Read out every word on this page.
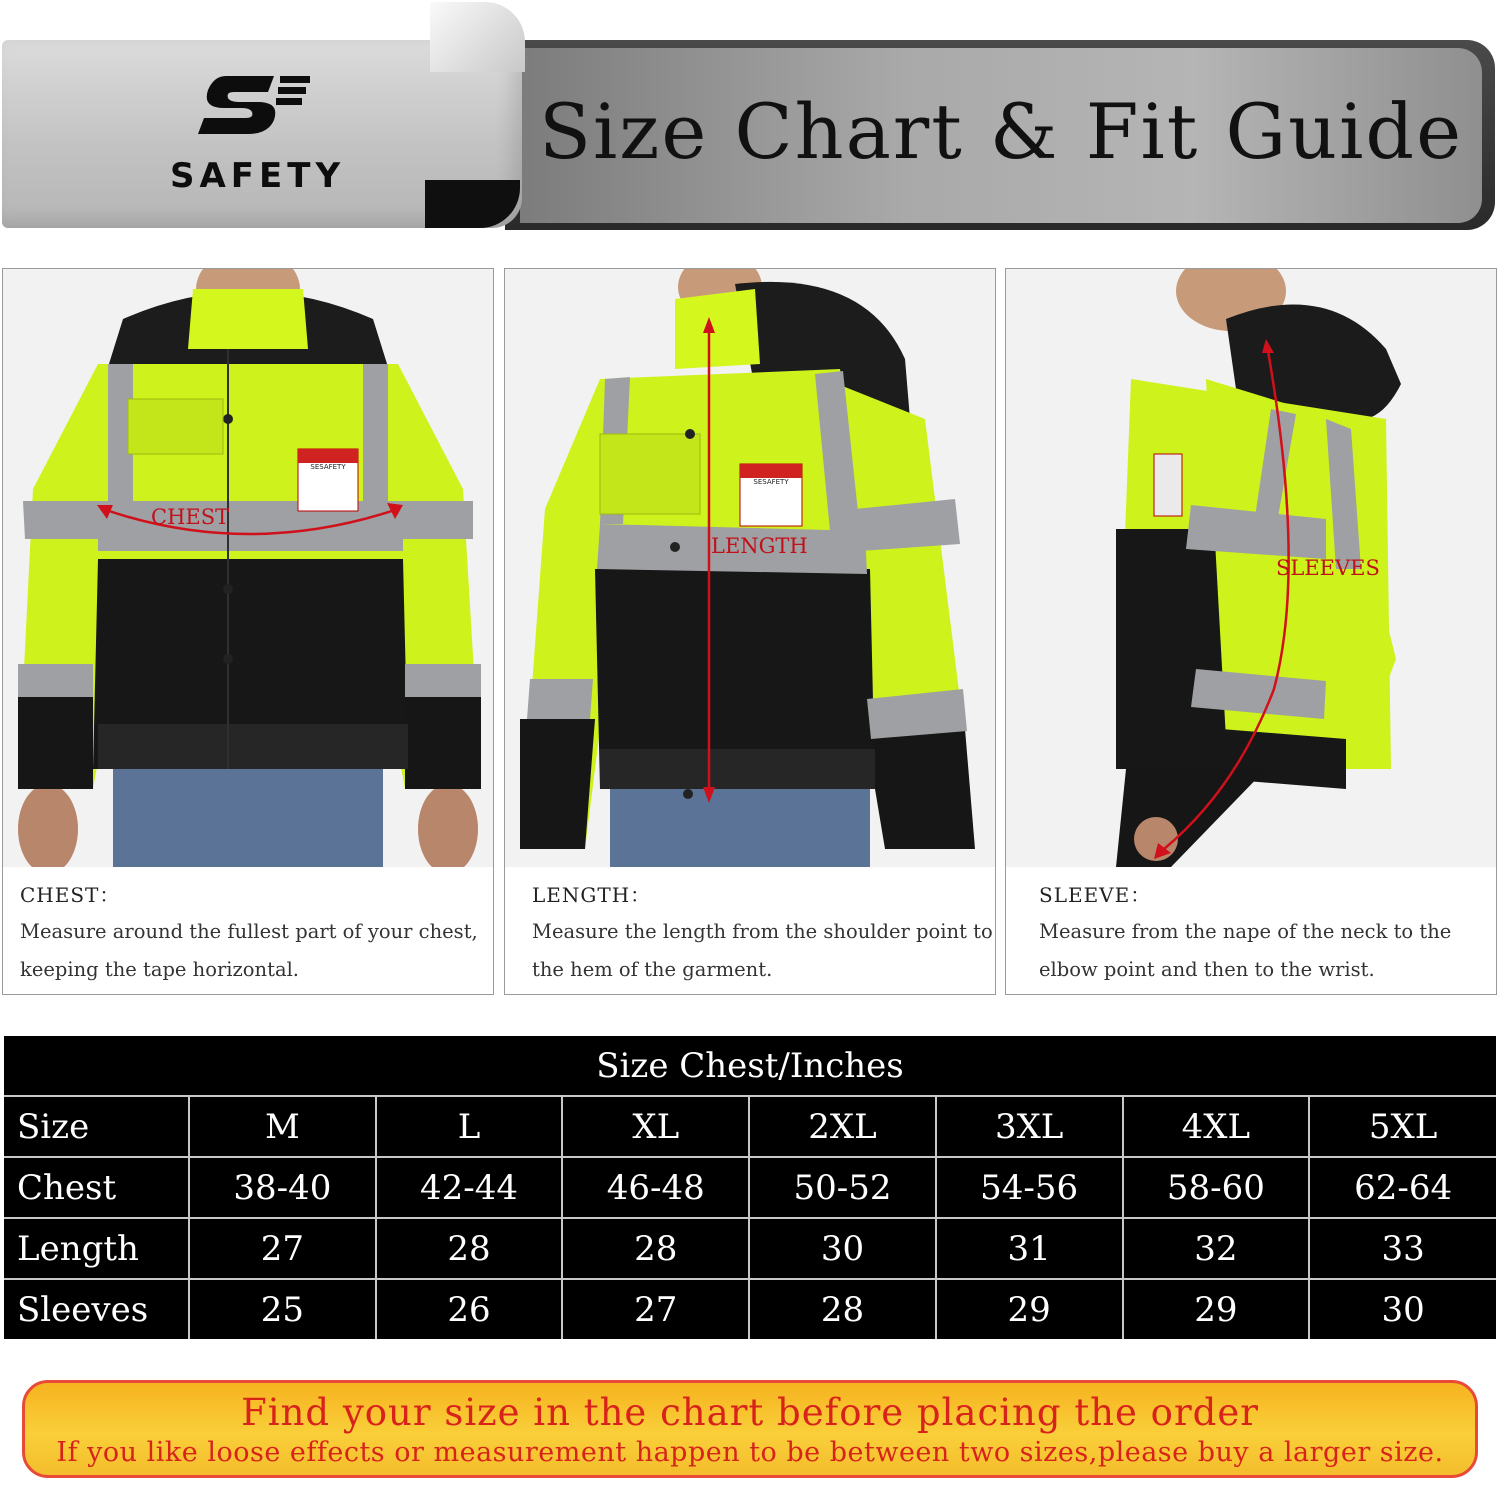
SAFETY	Size Chart & Fit Guide
SESAFETY
CHEST
CHEST：
Measure around the fullest part of your chest, keeping the tape horizontal.
SESAFETY
LENGTH
LENGTH：
Measure the length from the shoulder point to the hem of the garment.
SLEEVES
SLEEVE：
Measure from the nape of the neck to the elbow point and then to the wrist.
Size Chest/Inches							
Size	M	L	XL	2XL	3XL	4XL	5XL
Chest	38-40	42-44	46-48	50-52	54-56	58-60	62-64
Length	27	28	28	30	31	32	33
Sleeves	25	26	27	28	29	29	30
Find your size in the chart before placing the order
If you like loose effects or measurement happen to be between two sizes,please buy a larger size.
